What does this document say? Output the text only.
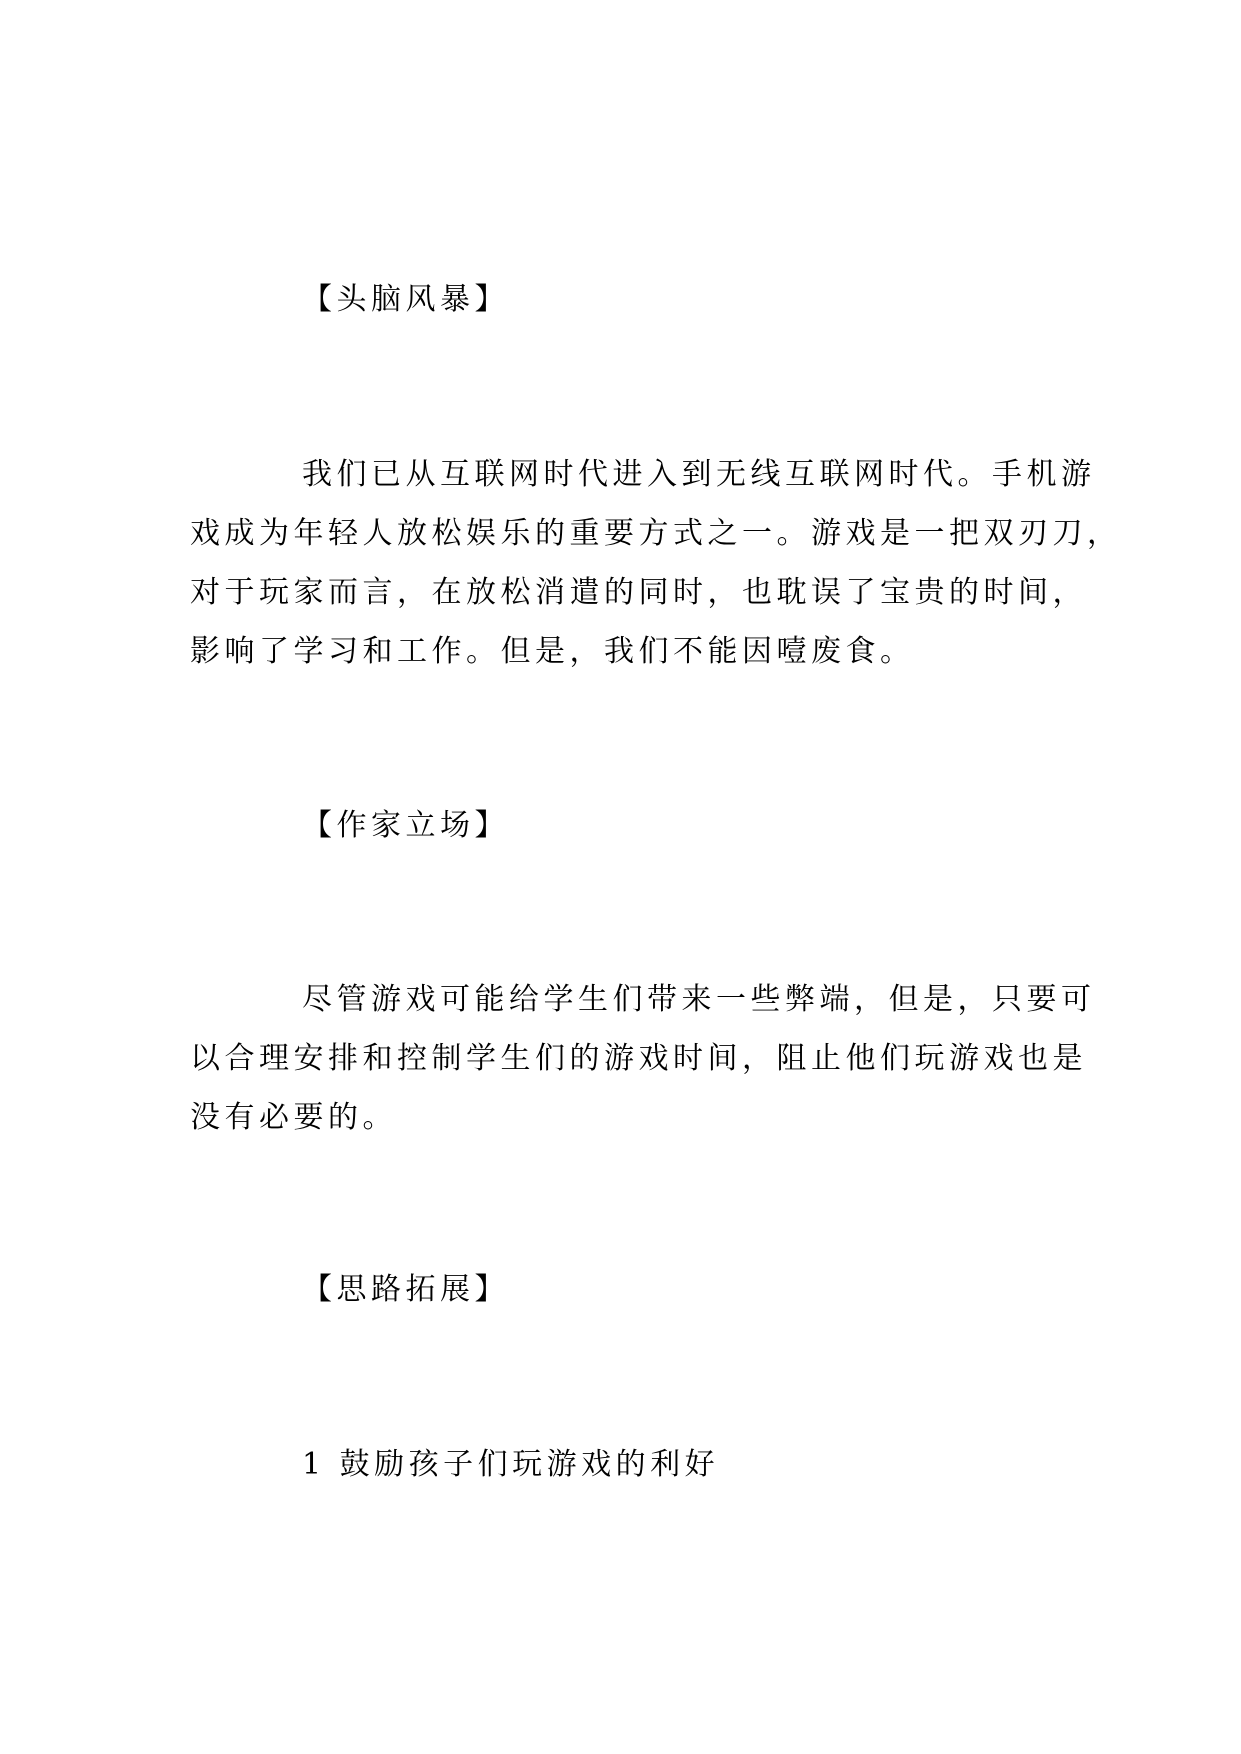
【头脑风暴】
我们已从互联网时代进入到无线互联网时代。手机游
戏成为年轻人放松娱乐的重要方式之一。游戏是一把双刃刀，
对于玩家而言，在放松消遣的同时，也耽误了宝贵的时间，
影响了学习和工作。但是，我们不能因噎废食。
【作家立场】
尽管游戏可能给学生们带来一些弊端，但是，只要可
以合理安排和控制学生们的游戏时间，阻止他们玩游戏也是
没有必要的。
【思路拓展】
1 鼓励孩子们玩游戏的利好
